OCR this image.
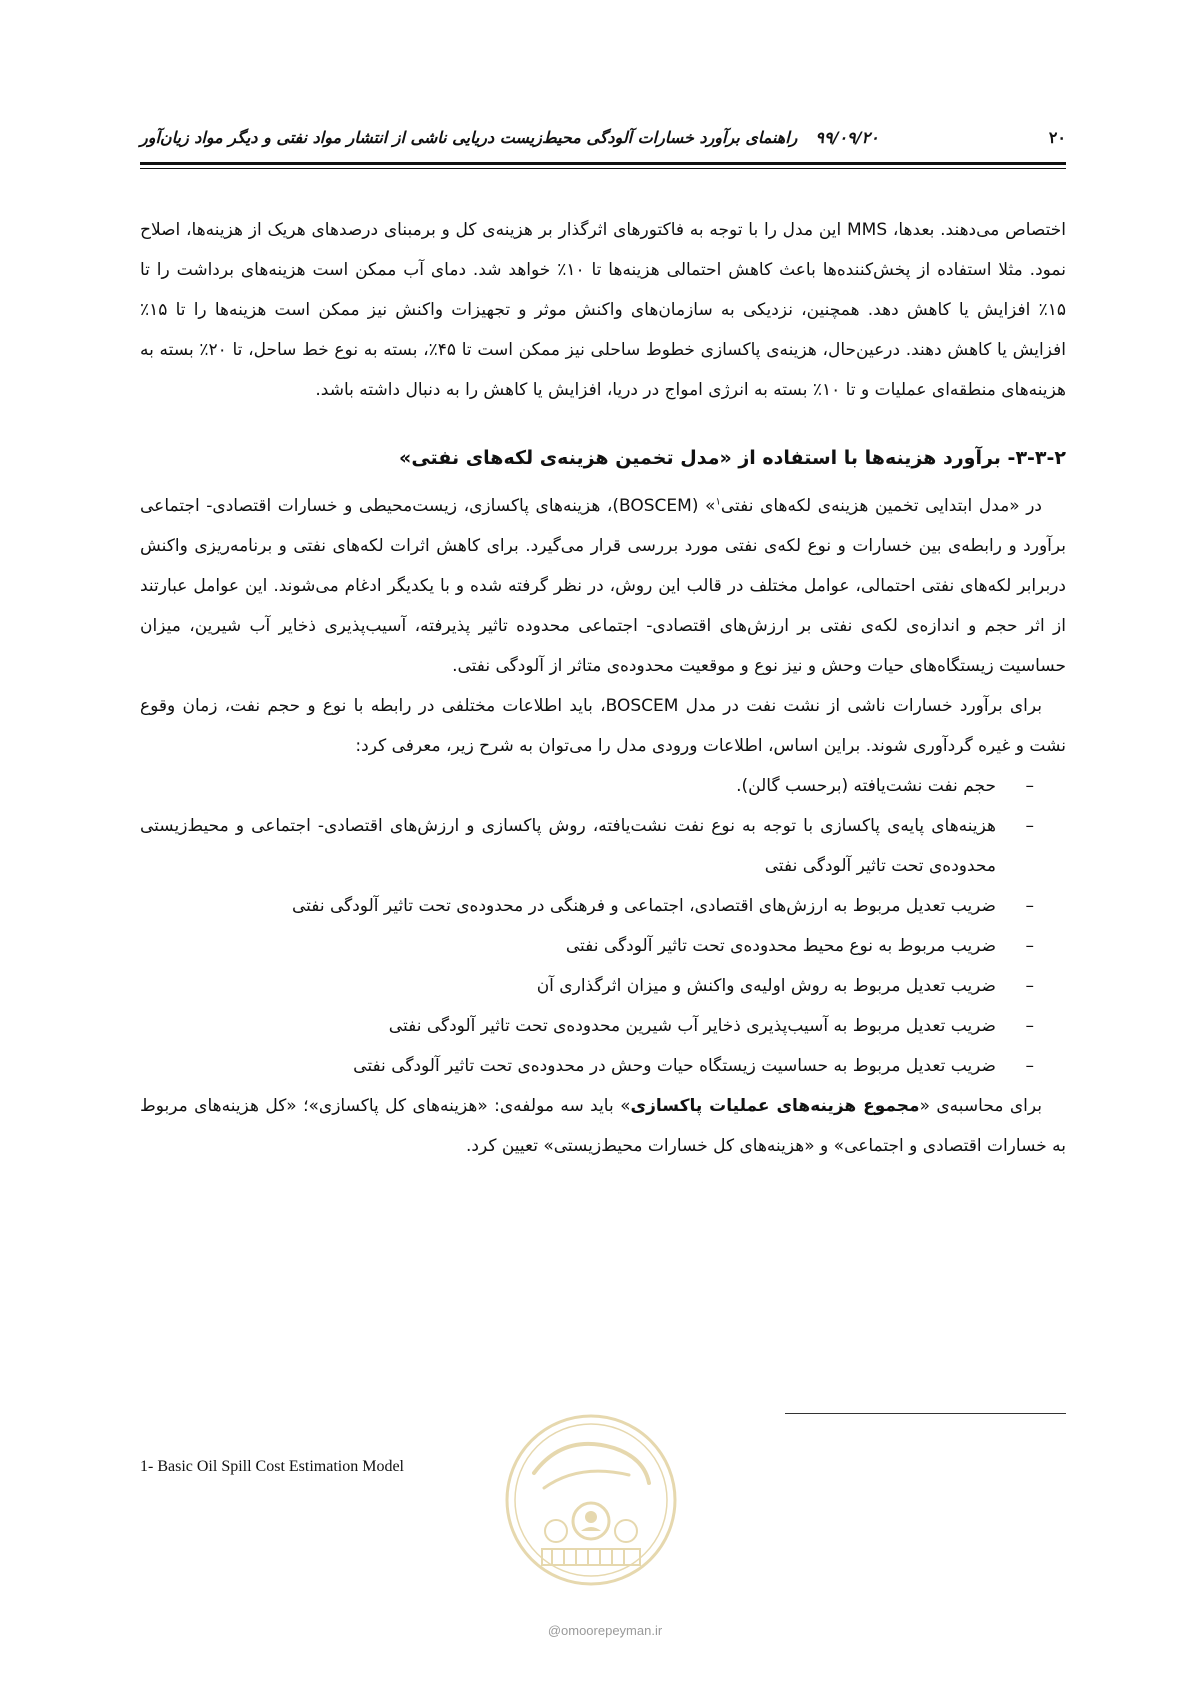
۲۰
۹۹/۰۹/۲۰راهنمای برآورد خسارات آلودگی محیط‌زیست دریایی ناشی از انتشار مواد نفتی و دیگر مواد زیان‌آور

اختصاص می‌دهند. بعدها، MMS این مدل را با توجه به فاکتورهای اثرگذار بر هزینه‌ی کل و برمبنای درصدهای هریک از هزینه‌ها، اصلاح نمود. مثلا استفاده از پخش‌کننده‌ها باعث کاهش احتمالی هزینه‌ها تا ۱۰٪ خواهد شد. دمای آب ممکن است هزینه‌های برداشت را تا ۱۵٪ افزایش یا کاهش دهد. همچنین، نزدیکی به سازمان‌های واکنش موثر و تجهیزات واکنش نیز ممکن است هزینه‌ها را تا ۱۵٪ افزایش یا کاهش دهند. درعین‌حال، هزینه‌ی پاکسازی خطوط ساحلی نیز ممکن است تا ۴۵٪، بسته به نوع خط ساحل، تا ۲۰٪ بسته به هزینه‌های منطقه‌ای عملیات و تا ۱۰٪ بسته به انرژی امواج در دریا، افزایش یا کاهش را به دنبال داشته باشد.

۳-۳-۲- برآورد هزینه‌ها با استفاده از «مدل تخمین هزینه‌ی لکه‌های نفتی»

در «مدل ابتدایی تخمین هزینه‌ی لکه‌های نفتی$^۱$» (BOSCEM)، هزینه‌های پاکسازی، زیست‌محیطی و خسارات اقتصادی- اجتماعی برآورد و رابطه‌ی بین خسارات و نوع لکه‌ی نفتی مورد بررسی قرار می‌گیرد. برای کاهش اثرات لکه‌های نفتی و برنامه‌ریزی واکنش دربرابر لکه‌های نفتی احتمالی، عوامل مختلف در قالب این روش، در نظر گرفته شده و با یکدیگر ادغام می‌شوند. این عوامل عبارتند از اثر حجم و اندازه‌ی لکه‌ی نفتی بر ارزش‌های اقتصادی- اجتماعی محدوده تاثیر پذیرفته، آسیب‌پذیری ذخایر آب شیرین، میزان حساسیت زیستگاه‌های حیات وحش و نیز نوع و موقعیت محدوده‌ی متاثر از آلودگی نفتی.

برای برآورد خسارات ناشی از نشت نفت در مدل BOSCEM، باید اطلاعات مختلفی در رابطه با نوع و حجم نفت، زمان وقوع نشت و غیره گردآوری شوند. براین اساس، اطلاعات ورودی مدل را می‌توان به شرح زیر، معرفی کرد:

– حجم نفت نشت‌یافته (برحسب گالن).
– هزینه‌های پایه‌ی پاکسازی با توجه به نوع نفت نشت‌یافته، روش پاکسازی و ارزش‌های اقتصادی- اجتماعی و محیط‌زیستی محدوده‌ی تحت تاثیر آلودگی نفتی
– ضریب تعدیل مربوط به ارزش‌های اقتصادی، اجتماعی و فرهنگی در محدوده‌ی تحت تاثیر آلودگی نفتی
– ضریب مربوط به نوع محیط محدوده‌ی تحت تاثیر آلودگی نفتی
– ضریب تعدیل مربوط به روش اولیه‌ی واکنش و میزان اثرگذاری آن
– ضریب تعدیل مربوط به آسیب‌پذیری ذخایر آب شیرین محدوده‌ی تحت تاثیر آلودگی نفتی
– ضریب تعدیل مربوط به حساسیت زیستگاه حیات وحش در محدوده‌ی تحت تاثیر آلودگی نفتی

برای محاسبه‌ی «مجموع هزینه‌های عملیات پاکسازی» باید سه مولفه‌ی: «هزینه‌های کل پاکسازی»؛ «کل هزینه‌های مربوط به خسارات اقتصادی و اجتماعی» و «هزینه‌های کل خسارات محیط‌زیستی» تعیین کرد.

1- Basic Oil Spill Cost Estimation Model
@omoorepeyman.ir
